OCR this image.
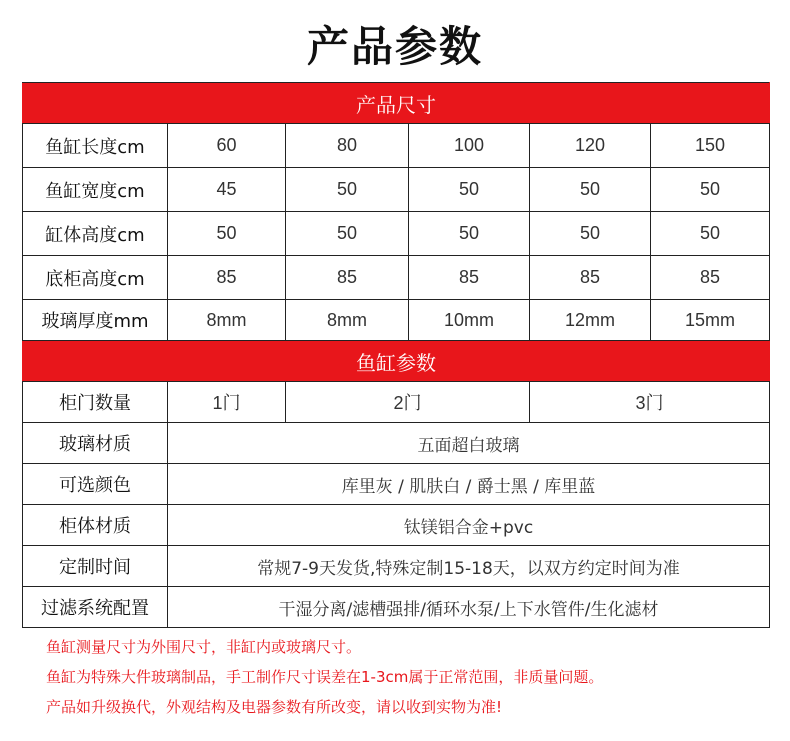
产品参数
产品尺寸					
鱼缸长度cm	60	80	100	120	150
鱼缸宽度cm	45	50	50	50	50
缸体高度cm	50	50	50	50	50
底柜高度cm	85	85	85	85	85
玻璃厚度mm	8mm	8mm	10mm	12mm	15mm
鱼缸参数					
柜门数量	1门	2门		3门
玻璃材质	五面超白玻璃				
可选颜色	库里灰 / 肌肤白 / 爵士黑 / 库里蓝				
柜体材质	钛镁铝合金+pvc				
定制时间	常规7-9天发货,特殊定制15-18天，以双方约定时间为准				
过滤系统配置	干湿分离/滤槽强排/循环水泵/上下水管件/生化滤材				
鱼缸测量尺寸为外围尺寸，非缸内或玻璃尺寸。
鱼缸为特殊大件玻璃制品，手工制作尺寸误差在1-3cm属于正常范围，非质量问题。
产品如升级换代，外观结构及电器参数有所改变，请以收到实物为准!
